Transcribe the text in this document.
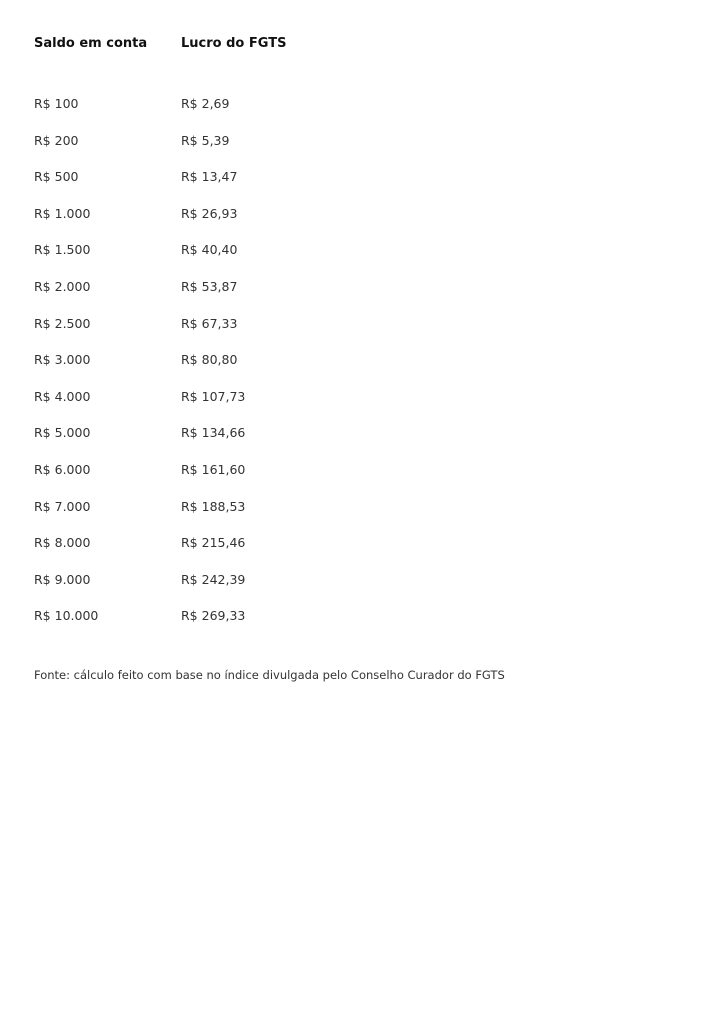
Saldo em conta	Lucro do FGTS
R$ 100	R$ 2,69
R$ 200	R$ 5,39
R$ 500	R$ 13,47
R$ 1.000	R$ 26,93
R$ 1.500	R$ 40,40
R$ 2.000	R$ 53,87
R$ 2.500	R$ 67,33
R$ 3.000	R$ 80,80
R$ 4.000	R$ 107,73
R$ 5.000	R$ 134,66
R$ 6.000	R$ 161,60
R$ 7.000	R$ 188,53
R$ 8.000	R$ 215,46
R$ 9.000	R$ 242,39
R$ 10.000	R$ 269,33
Fonte: cálculo feito com base no índice divulgada pelo Conselho Curador do FGTS
